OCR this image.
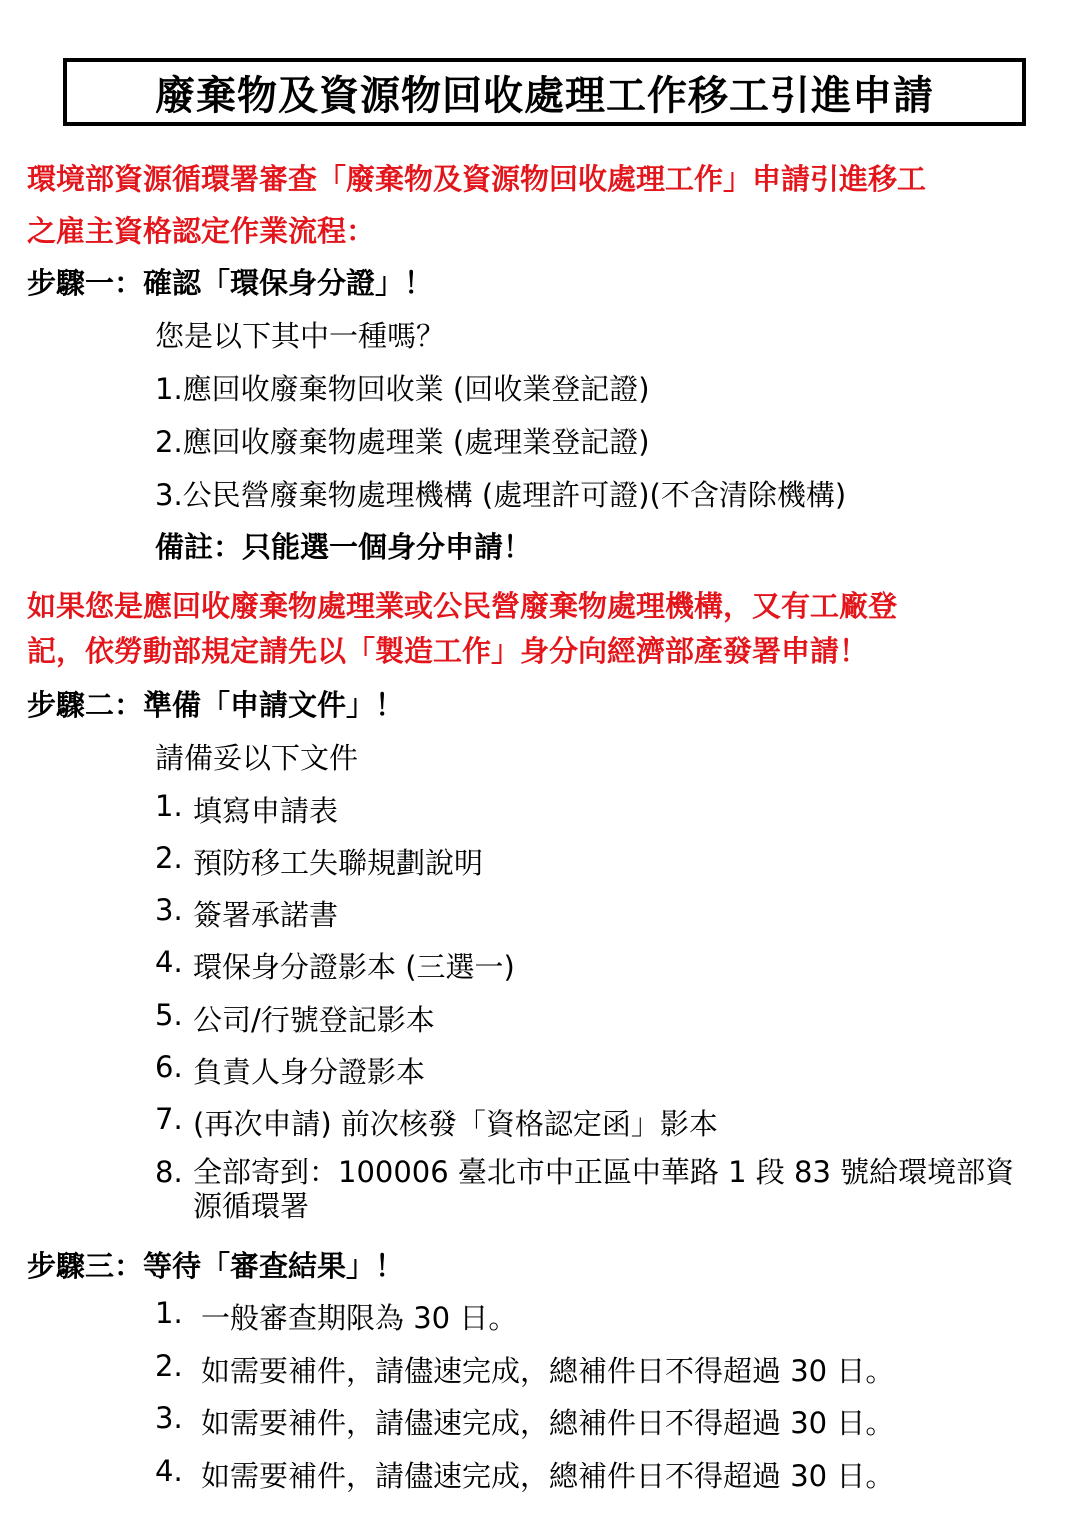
廢棄物及資源物回收處理工作移工引進申請
環境部資源循環署審查「廢棄物及資源物回收處理工作」申請引進移工
之雇主資格認定作業流程：
步驟一：確認「環保身分證」！
您是以下其中一種嗎？
1.應回收廢棄物回收業 (回收業登記證)
2.應回收廢棄物處理業 (處理業登記證)
3.公民營廢棄物處理機構 (處理許可證)(不含清除機構)
備註：只能選一個身分申請！
如果您是應回收廢棄物處理業或公民營廢棄物處理機構，又有工廠登
記，依勞動部規定請先以「製造工作」身分向經濟部產發署申請！
步驟二：準備「申請文件」！
請備妥以下文件
1. 填寫申請表
2. 預防移工失聯規劃說明
3. 簽署承諾書
4. 環保身分證影本 (三選一)
5. 公司/行號登記影本
6. 負責人身分證影本
7. (再次申請) 前次核發「資格認定函」影本
8. 全部寄到：100006 臺北市中正區中華路 1 段 83 號給環境部資源循環署
步驟三：等待「審查結果」！
1. 一般審查期限為 30 日。
2. 如需要補件，請儘速完成，總補件日不得超過 30 日。
3. 如需要補件，請儘速完成，總補件日不得超過 30 日。
4. 如需要補件，請儘速完成，總補件日不得超過 30 日。
